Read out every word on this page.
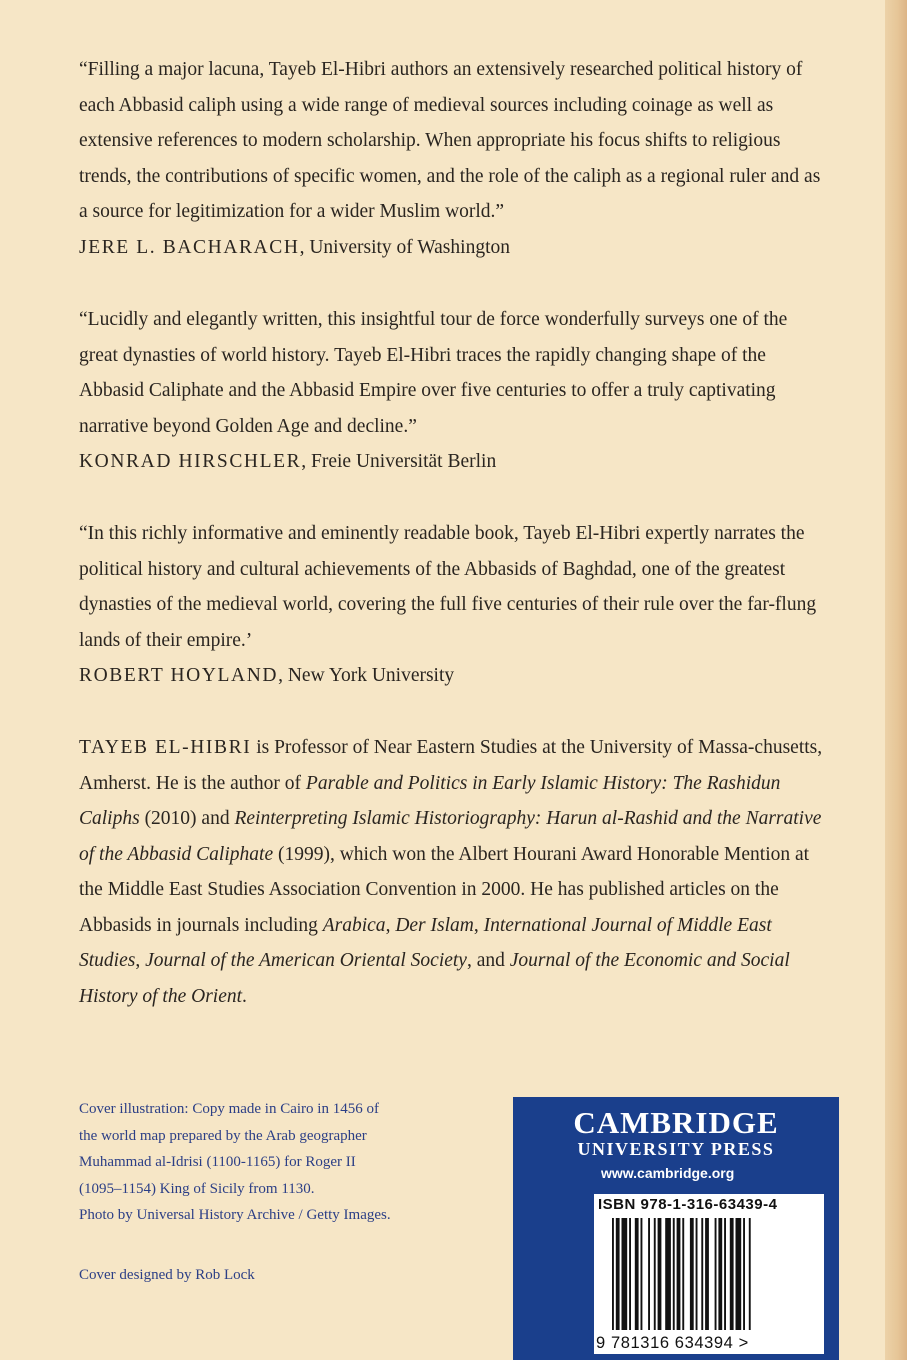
“Filling a major lacuna, Tayeb El-Hibri authors an extensively researched political history of each Abbasid caliph using a wide range of medieval sources including coinage as well as extensive references to modern scholarship. When appropriate his focus shifts to religious trends, the contributions of specific women, and the role of the caliph as a regional ruler and as a source for legitimization for a wider Muslim world.”

JERE L. BACHARACH, University of Washington

“Lucidly and elegantly written, this insightful tour de force wonderfully surveys one of the great dynasties of world history. Tayeb El-Hibri traces the rapidly changing shape of the Abbasid Caliphate and the Abbasid Empire over five centuries to offer a truly captivating narrative beyond Golden Age and decline.”

KONRAD HIRSCHLER, Freie Universität Berlin

“In this richly informative and eminently readable book, Tayeb El-Hibri expertly narrates the political history and cultural achievements of the Abbasids of Baghdad, one of the greatest dynasties of the medieval world, covering the full five centuries of their rule over the far-flung lands of their empire.’

ROBERT HOYLAND, New York University

TAYEB EL-HIBRI is Professor of Near Eastern Studies at the University of Massa-chusetts, Amherst. He is the author of Parable and Politics in Early Islamic History: The Rashidun Caliphs (2010) and Reinterpreting Islamic Historiography: Harun al-Rashid and the Narrative of the Abbasid Caliphate (1999), which won the Albert Hourani Award Honorable Mention at the Middle East Studies Association Convention in 2000. He has published articles on the Abbasids in journals including Arabica, Der Islam, International Journal of Middle East Studies, Journal of the American Oriental Society, and Journal of the Economic and Social History of the Orient.

Cover illustration: Copy made in Cairo in 1456 of

the world map prepared by the Arab geographer

Muhammad al-Idrisi (1100-1165) for Roger II

(1095–1154) King of Sicily from 1130.

Photo by Universal History Archive / Getty Images.

Cover designed by Rob Lock
CAMBRIDGE
UNIVERSITY PRESS
www.cambridge.org
ISBN 978-1-316-63439-4
9 781316 634394 >
